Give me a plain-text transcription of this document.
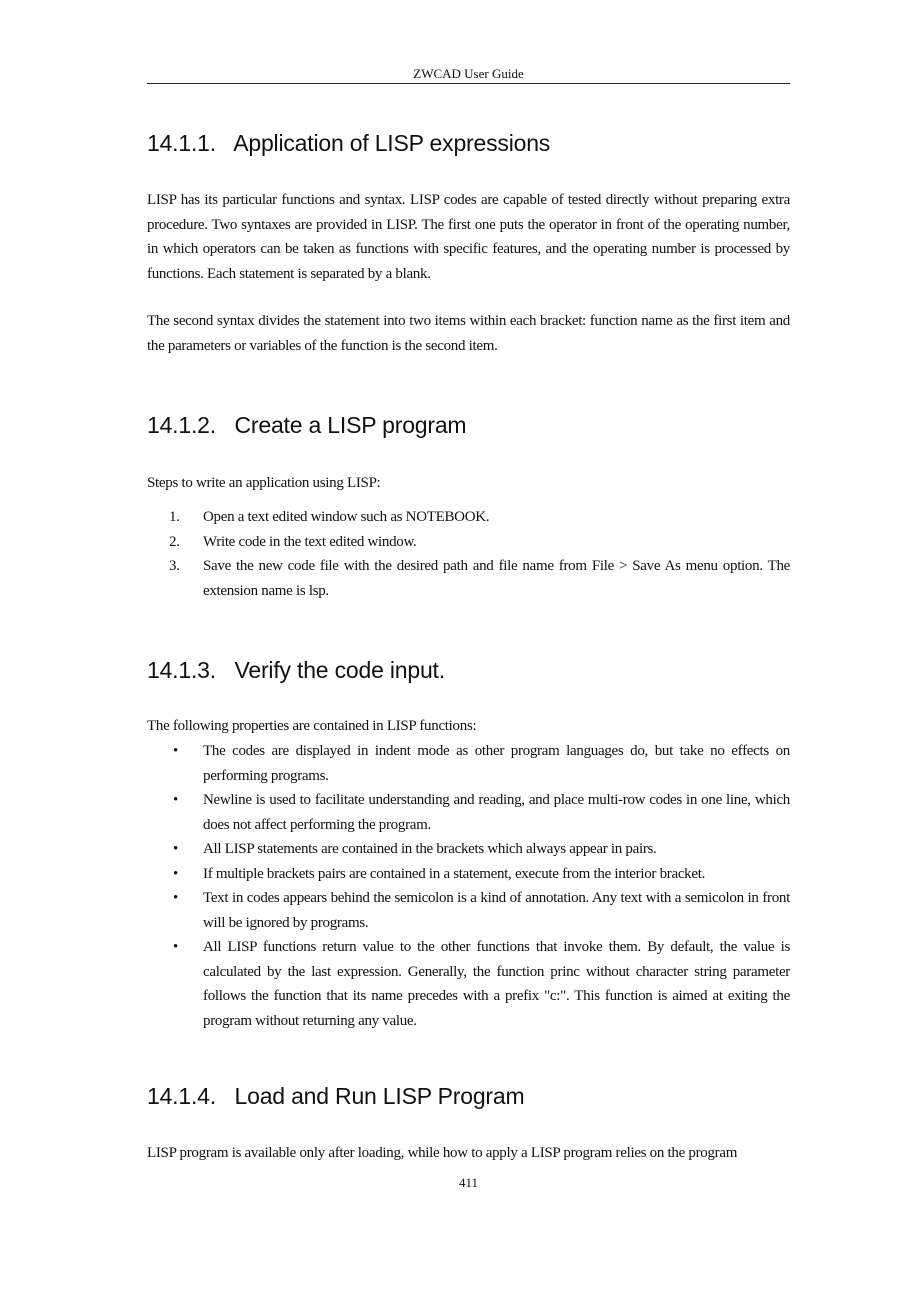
ZWCAD User Guide
14.1.1.   Application of LISP expressions

LISP has its particular functions and syntax. LISP codes are capable of tested directly without preparing extra procedure. Two syntaxes are provided in LISP. The first one puts the operator in front of the operating number, in which operators can be taken as functions with specific features, and the operating number is processed by functions. Each statement is separated by a blank.

The second syntax divides the statement into two items within each bracket: function name as the first item and the parameters or variables of the function is the second item.

14.1.2.   Create a LISP program

Steps to write an application using LISP:

1. Open a text edited window such as NOTEBOOK.
2. Write code in the text edited window.
3. Save the new code file with the desired path and file name from File > Save As menu option. The extension name is lsp.
14.1.3.   Verify the code input.

The following properties are contained in LISP functions:

• The codes are displayed in indent mode as other program languages do, but take no effects on performing programs.
• Newline is used to facilitate understanding and reading, and place multi-row codes in one line, which does not affect performing the program.
• All LISP statements are contained in the brackets which always appear in pairs.
• If multiple brackets pairs are contained in a statement, execute from the interior bracket.
• Text in codes appears behind the semicolon is a kind of annotation. Any text with a semicolon in front will be ignored by programs.
• All LISP functions return value to the other functions that invoke them. By default, the value is calculated by the last expression. Generally, the function princ without character string parameter follows the function that its name precedes with a prefix "c:". This function is aimed at exiting the program without returning any value.
14.1.4.   Load and Run LISP Program

LISP program is available only after loading, while how to apply a LISP program relies on the program

411
